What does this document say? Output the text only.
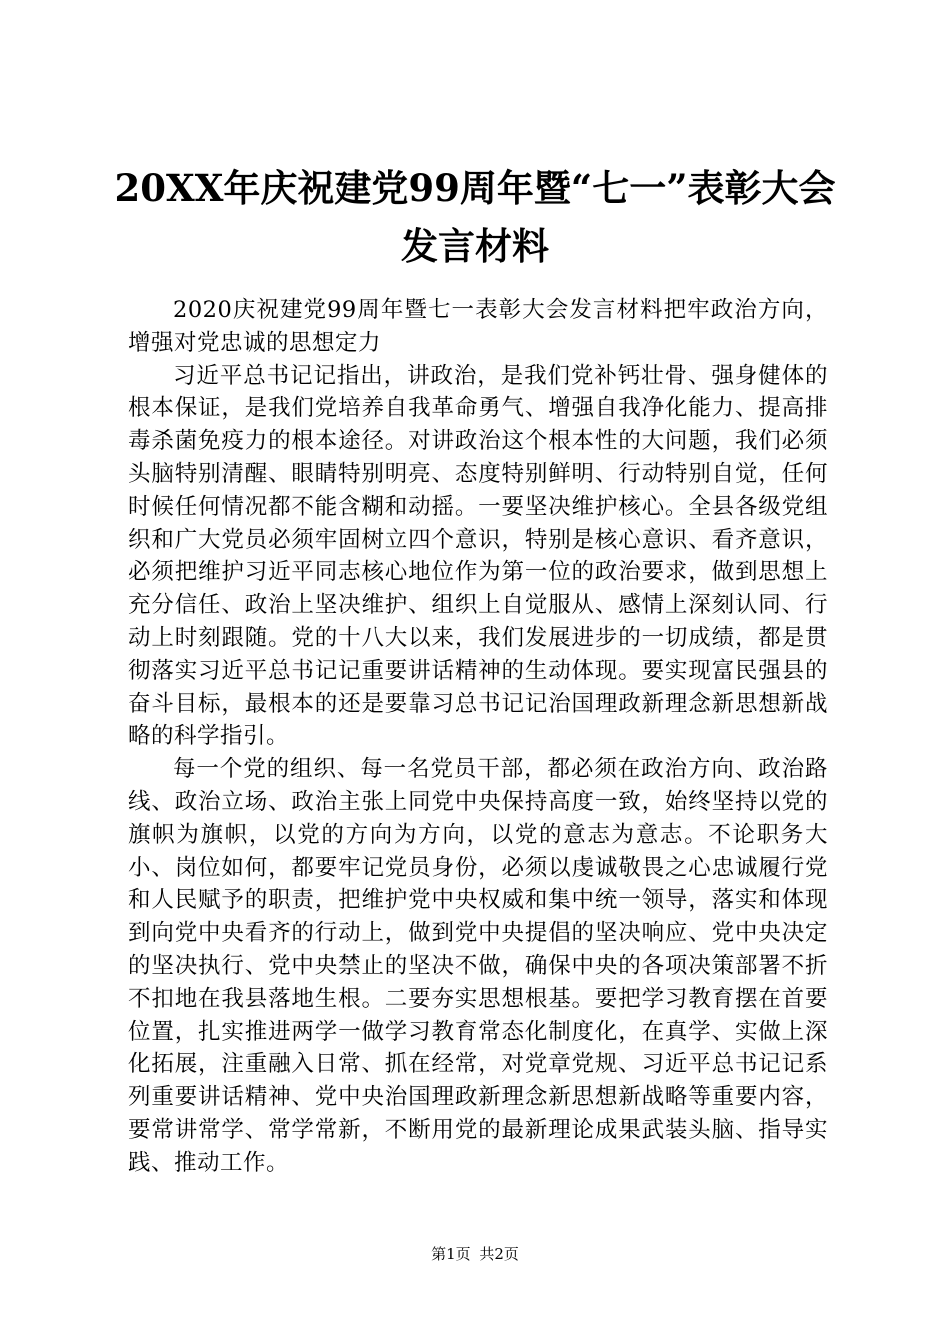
20XX年庆祝建党99周年暨“七一”表彰大会
发言材料

2020庆祝建党99周年暨七一表彰大会发言材料把牢政治方向，增强对党忠诚的思想定力

习近平总书记记指出，讲政治，是我们党补钙壮骨、强身健体的根本保证，是我们党培养自我革命勇气、增强自我净化能力、提高排毒杀菌免疫力的根本途径。对讲政治这个根本性的大问题，我们必须头脑特别清醒、眼睛特别明亮、态度特别鲜明、行动特别自觉，任何时候任何情况都不能含糊和动摇。一要坚决维护核心。全县各级党组织和广大党员必须牢固树立四个意识，特别是核心意识、看齐意识，必须把维护习近平同志核心地位作为第一位的政治要求，做到思想上充分信任、政治上坚决维护、组织上自觉服从、感情上深刻认同、行动上时刻跟随。党的十八大以来，我们发展进步的一切成绩，都是贯彻落实习近平总书记记重要讲话精神的生动体现。要实现富民强县的奋斗目标，最根本的还是要靠习总书记记治国理政新理念新思想新战略的科学指引。

每一个党的组织、每一名党员干部，都必须在政治方向、政治路线、政治立场、政治主张上同党中央保持高度一致，始终坚持以党的旗帜为旗帜，以党的方向为方向，以党的意志为意志。不论职务大小、岗位如何，都要牢记党员身份，必须以虔诚敬畏之心忠诚履行党和人民赋予的职责，把维护党中央权威和集中统一领导，落实和体现到向党中央看齐的行动上，做到党中央提倡的坚决响应、党中央决定的坚决执行、党中央禁止的坚决不做，确保中央的各项决策部署不折不扣地在我县落地生根。二要夯实思想根基。要把学习教育摆在首要位置，扎实推进两学一做学习教育常态化制度化，在真学、实做上深化拓展，注重融入日常、抓在经常，对党章党规、习近平总书记记系列重要讲话精神、党中央治国理政新理念新思想新战略等重要内容，要常讲常学、常学常新，不断用党的最新理论成果武装头脑、指导实践、推动工作。

第1页 共2页
